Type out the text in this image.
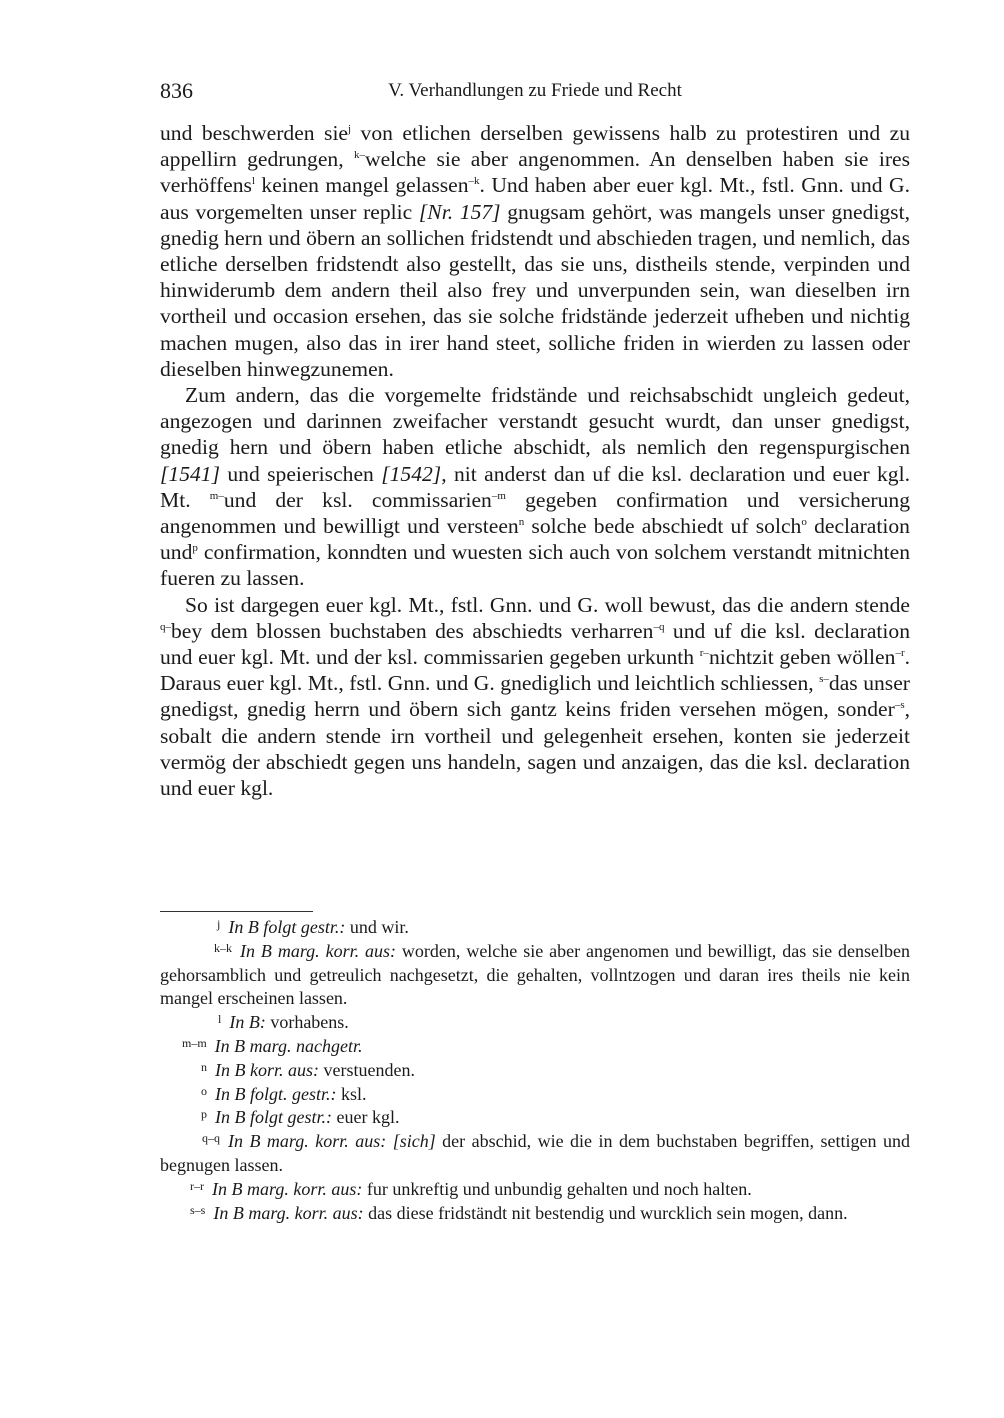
836	V. Verhandlungen zu Friede und Recht

und beschwerden sie$^j$ von etlichen derselben gewissens halb zu protestiren und zu appellirn gedrungen, $^{k-}$welche sie aber angenommen. An denselben haben sie ires verhöffens$^l$ keinen mangel gelassen$^{-k}$. Und haben aber euer kgl. Mt., fstl. Gnn. und G. aus vorgemelten unser replic [Nr. 157] gnugsam gehört, was mangels unser gnedigst, gnedig hern und öbern an sollichen fridstendt und abschieden tragen, und nemlich, das etliche derselben fridstendt also gestellt, das sie uns, distheils stende, verpinden und hinwiderumb dem andern theil also frey und unverpunden sein, wan dieselben irn vortheil und occasion ersehen, das sie solche fridstände jederzeit ufheben und nichtig machen mugen, also das in irer hand steet, solliche friden in wierden zu lassen oder dieselben hinwegzunemen.

Zum andern, das die vorgemelte fridstände und reichsabschidt ungleich gedeut, angezogen und darinnen zweifacher verstandt gesucht wurdt, dan unser gnedigst, gnedig hern und öbern haben etliche abschidt, als nemlich den regenspurgischen [1541] und speierischen [1542], nit anderst dan uf die ksl. declaration und euer kgl. Mt. $^{m-}$und der ksl. commissarien$^{-m}$ gegeben confirmation und versicherung angenommen und bewilligt und versteen$^n$ solche bede abschiedt uf solch$^o$ declaration und$^p$ confirmation, konndten und wuesten sich auch von solchem verstandt mitnichten fueren zu lassen.

So ist dargegen euer kgl. Mt., fstl. Gnn. und G. woll bewust, das die andern stende $^{q-}$bey dem blossen buchstaben des abschiedts verharren$^{-q}$ und uf die ksl. declaration und euer kgl. Mt. und der ksl. commissarien gegeben urkunth $^{r-}$nichtzit geben wöllen$^{-r}$. Daraus euer kgl. Mt., fstl. Gnn. und G. gnediglich und leichtlich schliessen, $^{s-}$das unser gnedigst, gnedig herrn und öbern sich gantz keins friden versehen mögen, sonder$^{-s}$, sobalt die andern stende irn vortheil und gelegenheit ersehen, konten sie jederzeit vermög der abschiedt gegen uns handeln, sagen und anzaigen, das die ksl. declaration und euer kgl.

$^j$ In B folgt gestr.: und wir.

$^{k-k}$ In B marg. korr. aus: worden, welche sie aber angenomen und bewilligt, das sie denselben gehorsamblich und getreulich nachgesetzt, die gehalten, vollntzogen und daran ires theils nie kein mangel erscheinen lassen.

$^l$ In B: vorhabens.

$^{m-m}$ In B marg. nachgetr.

$^n$ In B korr. aus: verstuenden.

$^o$ In B folgt. gestr.: ksl.

$^p$ In B folgt gestr.: euer kgl.

$^{q-q}$ In B marg. korr. aus: [sich] der abschid, wie die in dem buchstaben begriffen, settigen und begnugen lassen.

$^{r-r}$ In B marg. korr. aus: fur unkreftig und unbundig gehalten und noch halten.

$^{s-s}$ In B marg. korr. aus: das diese fridständt nit bestendig und wurcklich sein mogen, dann.
